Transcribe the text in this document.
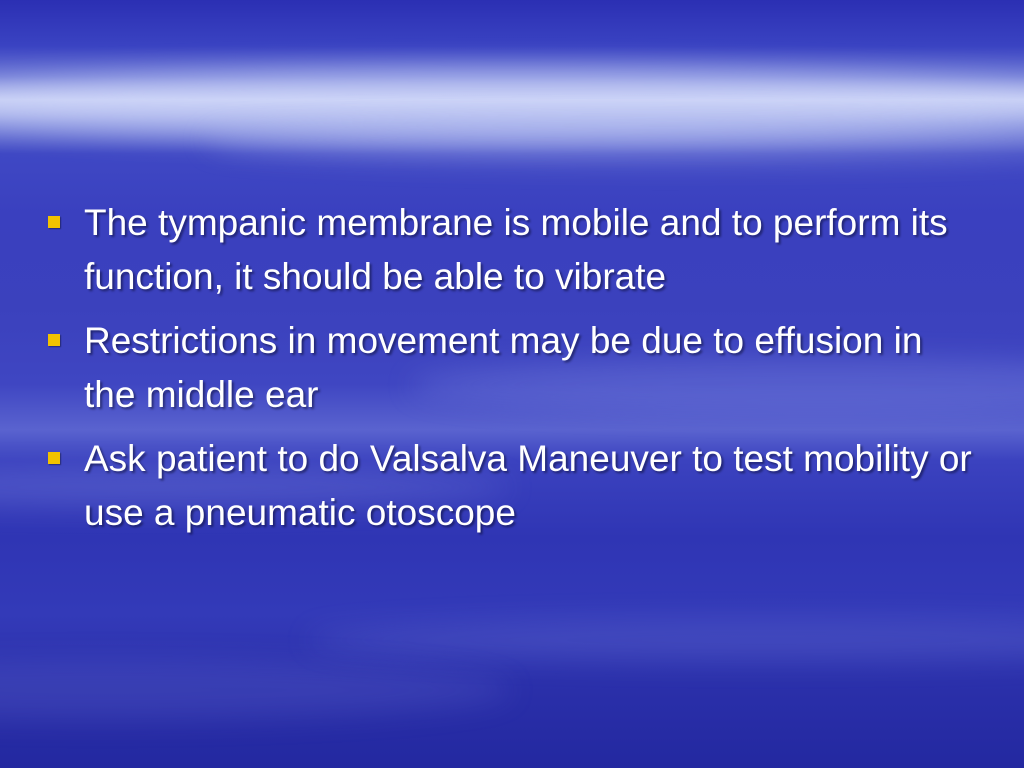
The tympanic membrane is mobile and to perform its function, it should be able to vibrate
Restrictions in movement may be due to effusion in the middle ear
Ask patient to do Valsalva Maneuver to test mobility or use a pneumatic otoscope
